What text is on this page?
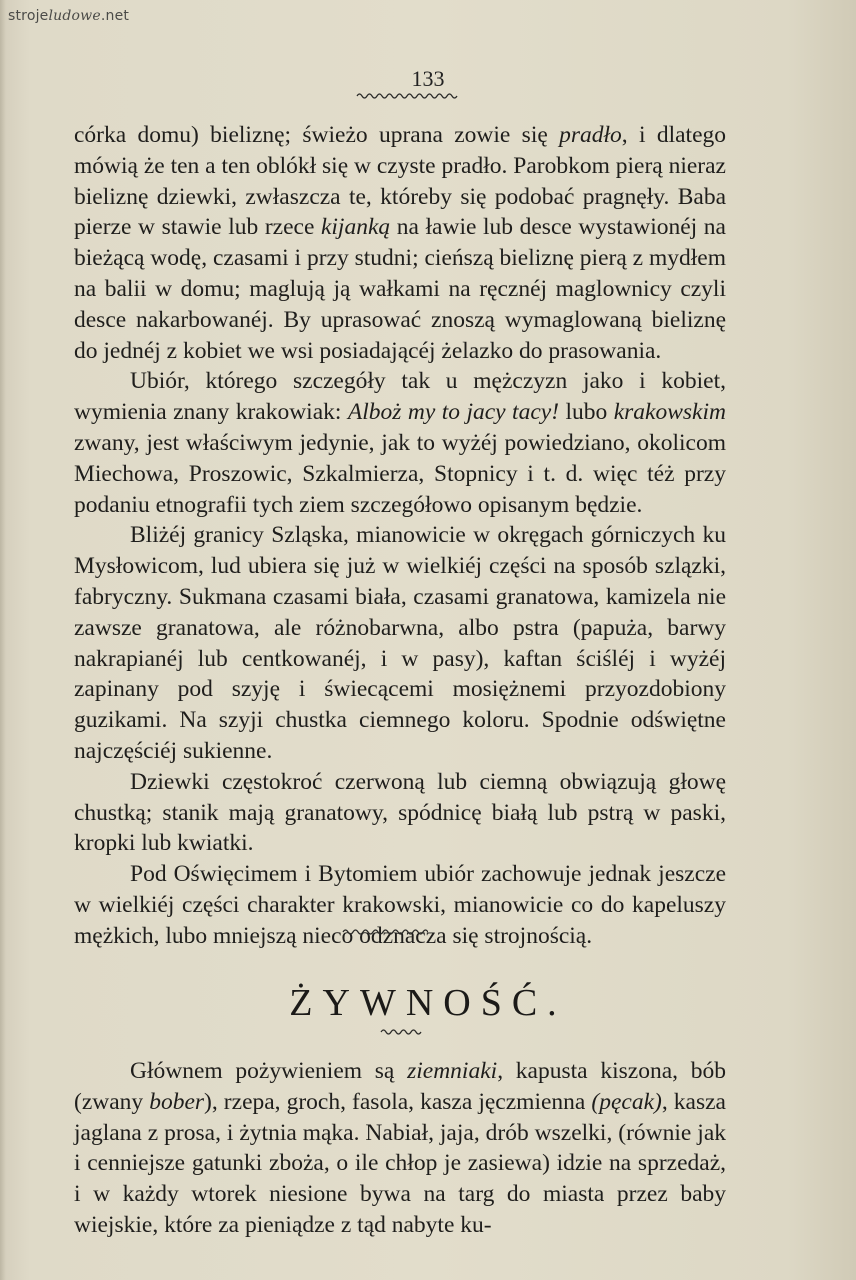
strojeludowe.net
133

córka domu) bieliznę; świeżo uprana zowie się pradło, i dlatego mówią że ten a ten oblókł się w czyste pradło. Parobkom pierą nieraz bieliznę dziewki, zwłaszcza te, któreby się podobać pragnęły. Baba pierze w stawie lub rzece kijanką na ławie lub desce wystawionéj na bieżącą wodę, czasami i przy studni; cieńszą bieliznę pierą z mydłem na balii w domu; maglują ją wałkami na ręcznéj maglownicy czyli desce nakarbowanéj. By uprasować znoszą wymaglowaną bieliznę do jednéj z kobiet we wsi posiadającéj żelazko do prasowania.

Ubiór, którego szczegóły tak u mężczyzn jako i kobiet, wymienia znany krakowiak: Alboż my to jacy tacy! lubo krakowskim zwany, jest właściwym jedynie, jak to wyżéj powiedziano, okolicom Miechowa, Proszowic, Szkalmierza, Stopnicy i t. d. więc téż przy podaniu etnografii tych ziem szczegółowo opisanym będzie.

Bliżéj granicy Szląska, mianowicie w okręgach górniczych ku Mysłowicom, lud ubiera się już w wielkiéj części na sposób szlązki, fabryczny. Sukmana czasami biała, czasami granatowa, kamizela nie zawsze granatowa, ale różnobarwna, albo pstra (papuża, barwy nakrapianéj lub centkowanéj, i w pasy), kaftan ściśléj i wyżéj zapinany pod szyję i świecącemi mosiężnemi przyozdobiony guzikami. Na szyji chustka ciemnego koloru. Spodnie odświętne najczęściéj sukienne.

Dziewki częstokroć czerwoną lub ciemną obwiązują głowę chustką; stanik mają granatowy, spódnicę białą lub pstrą w paski, kropki lub kwiatki.

Pod Oświęcimem i Bytomiem ubiór zachowuje jednak jeszcze w wielkiéj części charakter krakowski, mianowicie co do kapeluszy mężkich, lubo mniejszą nieco odznacza się strojnością.

ŻYWNOŚĆ.

Głównem pożywieniem są ziemniaki, kapusta kiszona, bób (zwany bober), rzepa, groch, fasola, kasza jęczmienna (pęcak), kasza jaglana z prosa, i żytnia mąka. Nabiał, jaja, drób wszelki, (równie jak i cenniejsze gatunki zboża, o ile chłop je zasiewa) idzie na sprzedaż, i w każdy wtorek niesione bywa na targ do miasta przez baby wiejskie, które za pieniądze z tąd nabyte ku-
